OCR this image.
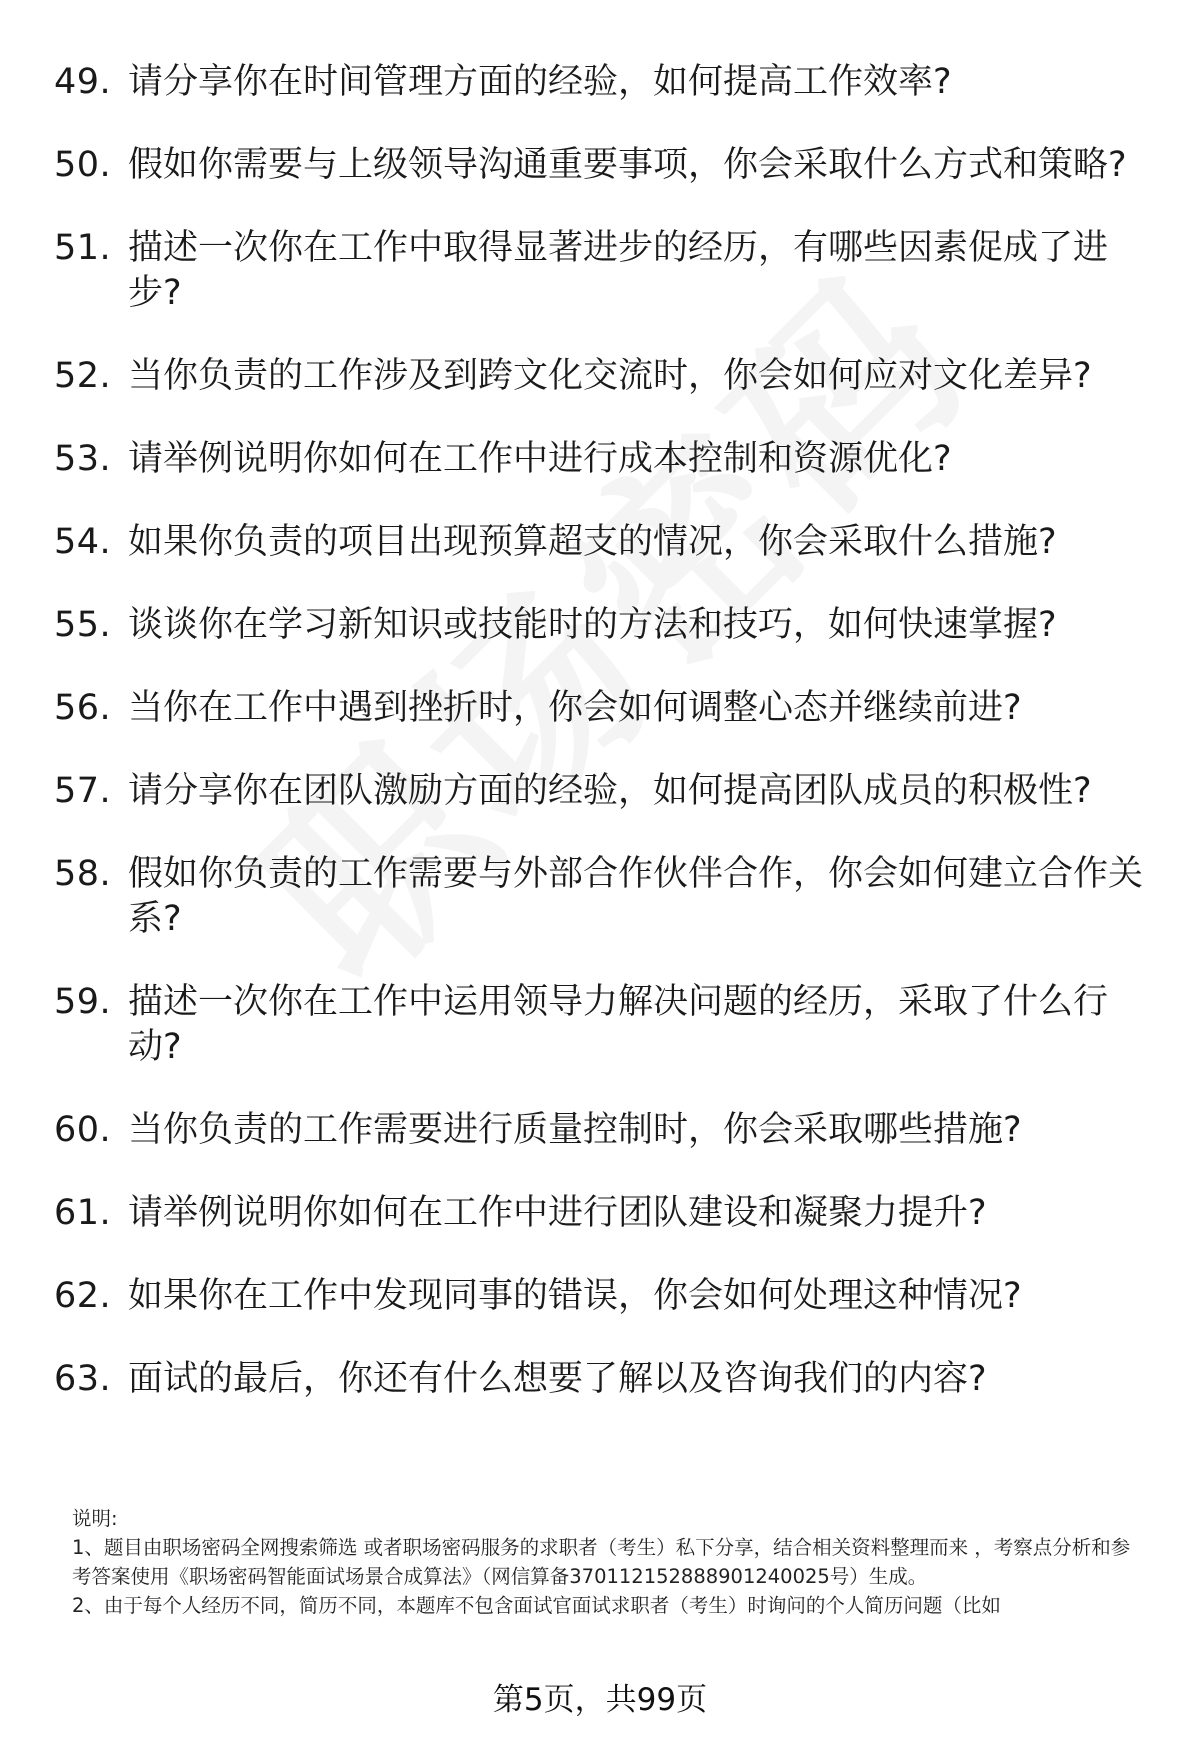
49. 请分享你在时间管理方面的经验，如何提高工作效率?
50. 假如你需要与上级领导沟通重要事项，你会采取什么方式和策略?
51. 描述一次你在工作中取得显著进步的经历，有哪些因素促成了进步?
52. 当你负责的工作涉及到跨文化交流时，你会如何应对文化差异?
53. 请举例说明你如何在工作中进行成本控制和资源优化?
54. 如果你负责的项目出现预算超支的情况，你会采取什么措施?
55. 谈谈你在学习新知识或技能时的方法和技巧，如何快速掌握?
56. 当你在工作中遇到挫折时，你会如何调整心态并继续前进?
57. 请分享你在团队激励方面的经验，如何提高团队成员的积极性?
58. 假如你负责的工作需要与外部合作伙伴合作，你会如何建立合作关系?
59. 描述一次你在工作中运用领导力解决问题的经历，采取了什么行动?
60. 当你负责的工作需要进行质量控制时，你会采取哪些措施?
61. 请举例说明你如何在工作中进行团队建设和凝聚力提升?
62. 如果你在工作中发现同事的错误，你会如何处理这种情况?
63. 面试的最后，你还有什么想要了解以及咨询我们的内容?

说明:

1、题目由职场密码全网搜索筛选 或者职场密码服务的求职者（考生）私下分享，结合相关资料整理而来 ，考察点分析和参考答案使用《职场密码智能面试场景合成算法》（网信算备370112152888901240025号）生成。

2、由于每个人经历不同，简历不同，本题库不包含面试官面试求职者（考生）时询问的个人简历问题（比如

第5页，共99页
